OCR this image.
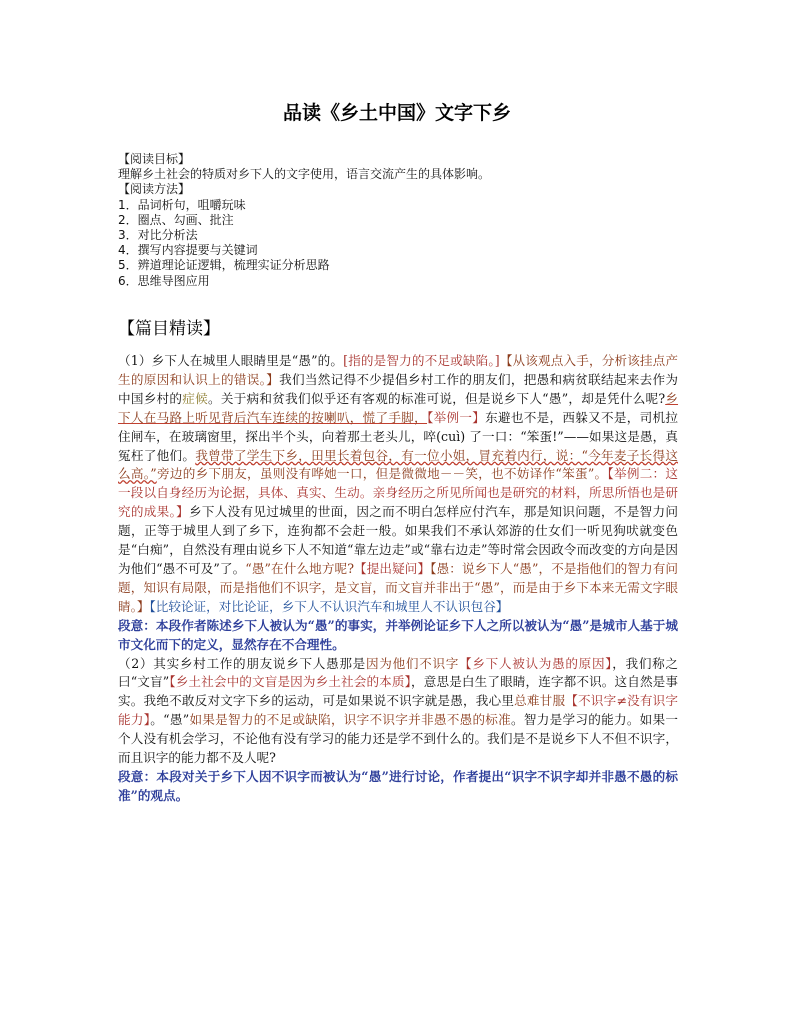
品读《乡土中国》文字下乡
【阅读目标】
理解乡土社会的特质对乡下人的文字使用，语言交流产生的具体影响。
【阅读方法】
1．品词析句，咀嚼玩味
2．圈点、勾画、批注
3．对比分析法
4．撰写内容提要与关键词
5．辨道理论证逻辑，梳理实证分析思路
6．思维导图应用
【篇目精读】

（1）乡下人在城里人眼睛里是“愚”的。[指的是智力的不足或缺陷。]【从该观点入手，分析该挂点产生的原因和认识上的错误。】我们当然记得不少提倡乡村工作的朋友们，把愚和病贫联结起来去作为中国乡村的症候。关于病和贫我们似乎还有客观的标准可说，但是说乡下人“愚”，却是凭什么呢?乡下人在马路上听见背后汽车连续的按喇叭，慌了手脚，【举例一】东避也不是，西躲又不是，司机拉住闸车，在玻璃窗里，探出半个头，向着那土老头儿，啐(cuì) 了一口：“笨蛋!”——如果这是愚，真冤枉了他们。我曾带了学生下乡，田里长着包谷，有一位小姐，冒充着内行，说：“今年麦子长得这么高。”旁边的乡下朋友，虽则没有哗她一口，但是微微地－－笑，也不妨译作“笨蛋”。【举例二：这一段以自身经历为论据，具体、真实、生动。亲身经历之所见所闻也是研究的材料，所思所悟也是研究的成果。】乡下人没有见过城里的世面，因之而不明白怎样应付汽车，那是知识问题，不是智力问题，正等于城里人到了乡下，连狗都不会赶一般。如果我们不承认郊游的仕女们一听见狗吠就变色是“白痴”，自然没有理由说乡下人不知道“靠左边走”或“靠右边走”等时常会因政令而改变的方向是因为他们“愚不可及”了。“愚”在什么地方呢?【提出疑问】【愚：说乡下人“愚”，不是指他们的智力有问题，知识有局限，而是指他们不识字，是文盲，而文盲并非出于“愚”，而是由于乡下本来无需文字眼睛。】【比较论证，对比论证，乡下人不认识汽车和城里人不认识包谷】
段意：本段作者陈述乡下人被认为“愚”的事实，并举例论证乡下人之所以被认为“愚”是城市人基于城市文化而下的定义，显然存在不合理性。

（2）其实乡村工作的朋友说乡下人愚那是因为他们不识字【乡下人被认为愚的原因】，我们称之曰“文盲”【乡土社会中的文盲是因为乡土社会的本质】，意思是白生了眼睛，连字都不识。这自然是事实。我绝不敢反对文字下乡的运动，可是如果说不识字就是愚，我心里总难甘服【不识字≠没有识字能力】。“愚”如果是智力的不足或缺陷，识字不识字并非愚不愚的标准。智力是学习的能力。如果一个人没有机会学习，不论他有没有学习的能力还是学不到什么的。我们是不是说乡下人不但不识字，而且识字的能力都不及人呢?
段意：本段对关于乡下人因不识字而被认为“愚”进行讨论，作者提出“识字不识字却并非愚不愚的标准”的观点。
